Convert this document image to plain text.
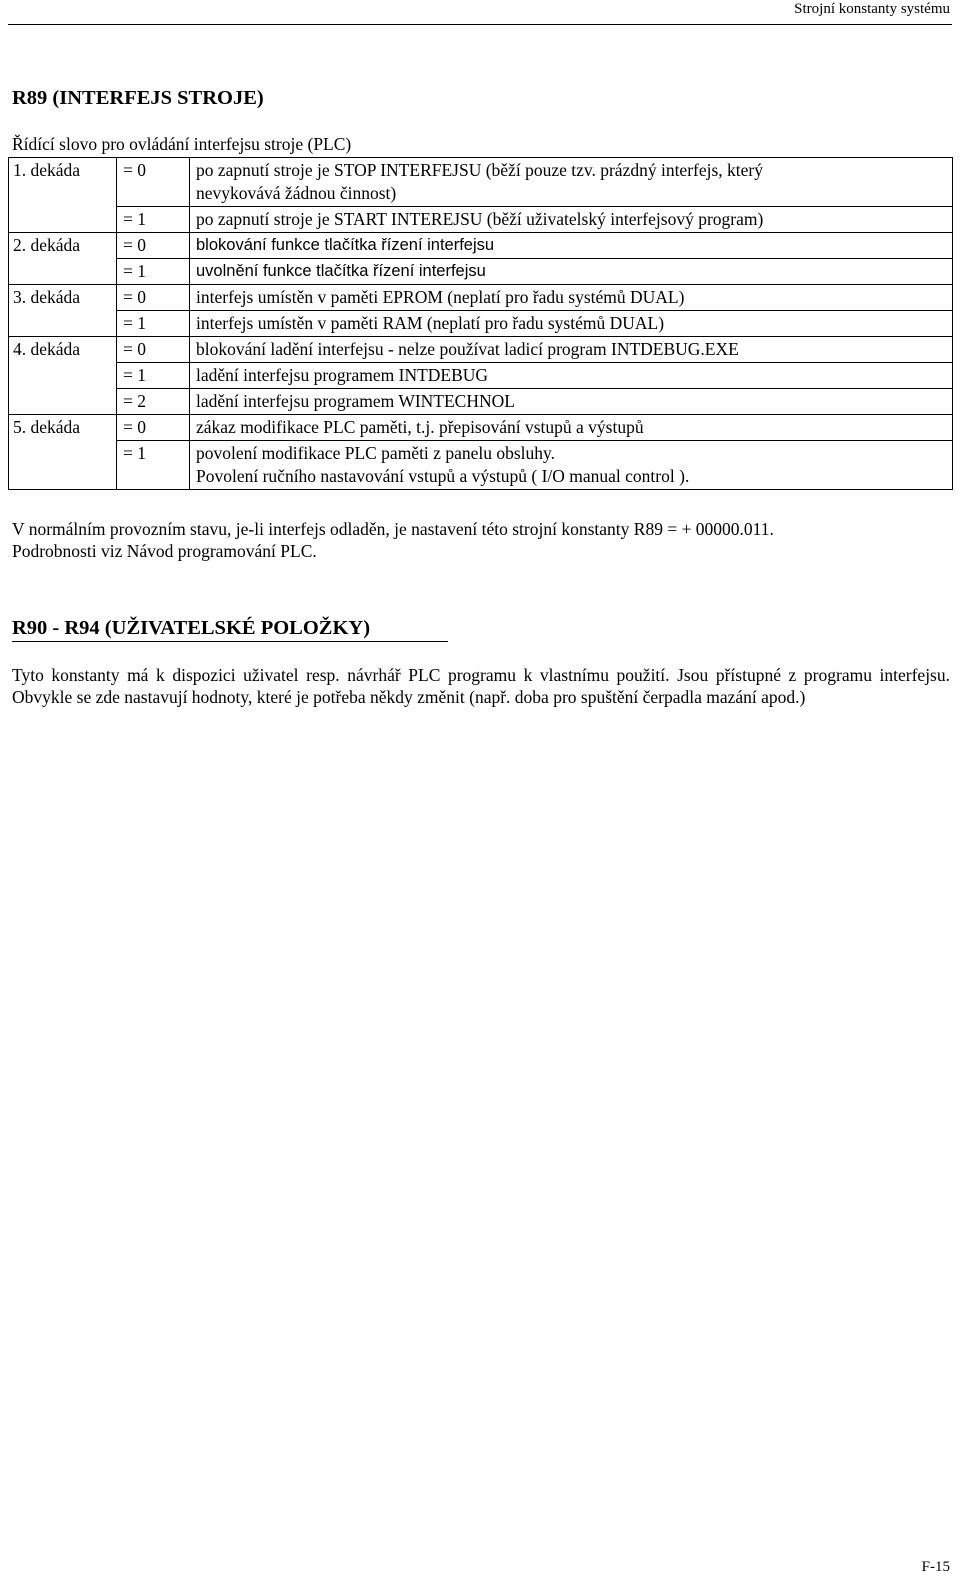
Strojní konstanty systému
R89 (INTERFEJS STROJE)
Řídící slovo pro ovládání interfejsu stroje (PLC)
1. dekáda	= 0	po zapnutí stroje je STOP INTERFEJSU (běží pouze tzv. prázdný interfejs, který
nevykovává žádnou činnost)

	= 1	po zapnutí stroje je START INTEREJSU (běží uživatelský interfejsový program)

2. dekáda	= 0	blokování funkce tlačítka řízení interfejsu

	= 1	uvolnění funkce tlačítka řízení interfejsu

3. dekáda	= 0	interfejs umístěn v paměti EPROM (neplatí pro řadu systémů DUAL)

	= 1	interfejs umístěn v paměti RAM (neplatí pro řadu systémů DUAL)

4. dekáda	= 0	blokování ladění interfejsu - nelze používat ladicí program INTDEBUG.EXE

	= 1	ladění interfejsu programem INTDEBUG

	= 2	ladění interfejsu programem WINTECHNOL

5. dekáda	= 0	zákaz modifikace PLC paměti, t.j. přepisování vstupů a výstupů

	= 1	povolení modifikace PLC paměti z panelu obsluhy.
Povolení ručního nastavování vstupů a výstupů ( I/O manual control ).
V normálním provozním stavu, je-li interfejs odladěn, je nastavení této strojní konstanty R89 = + 00000.011.
Podrobnosti viz Návod programování PLC.
R90 - R94 (UŽIVATELSKÉ POLOŽKY)
Tyto konstanty má k dispozici uživatel resp. návrhář PLC programu k vlastnímu použití. Jsou přístupné z programu interfejsu. Obvykle se zde nastavují hodnoty, které je potřeba někdy změnit (např. doba pro spuštění čerpadla mazání apod.)
F-15
